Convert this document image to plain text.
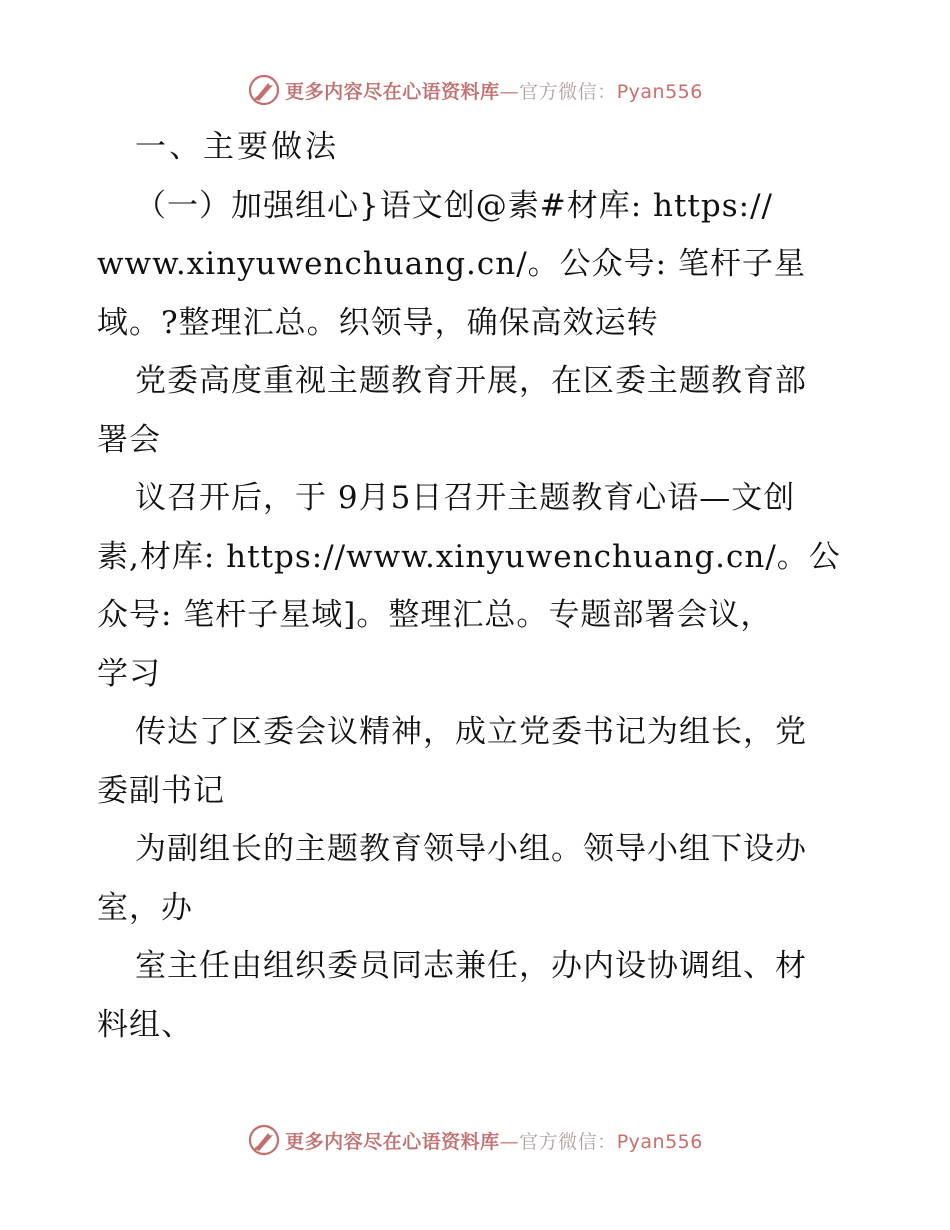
更多内容尽在心语资料库—官方微信：Pyan556
一、主要做法
（一）加强组心}语文创@素#材库: https://
www.xinyuwenchuang.cn/。公众号: 笔杆子星
域。?整理汇总。织领导，确保高效运转
党委高度重视主题教育开展，在区委主题教育部
署会
议召开后，于 9月5日召开主题教育心语—文创
素,材库: https://www.xinyuwenchuang.cn/。公
众号: 笔杆子星域]。整理汇总。专题部署会议，
学习
传达了区委会议精神，成立党委书记为组长，党
委副书记
为副组长的主题教育领导小组。领导小组下设办
室，办
室主任由组织委员同志兼任，办内设协调组、材
料组、
更多内容尽在心语资料库—官方微信：Pyan556
